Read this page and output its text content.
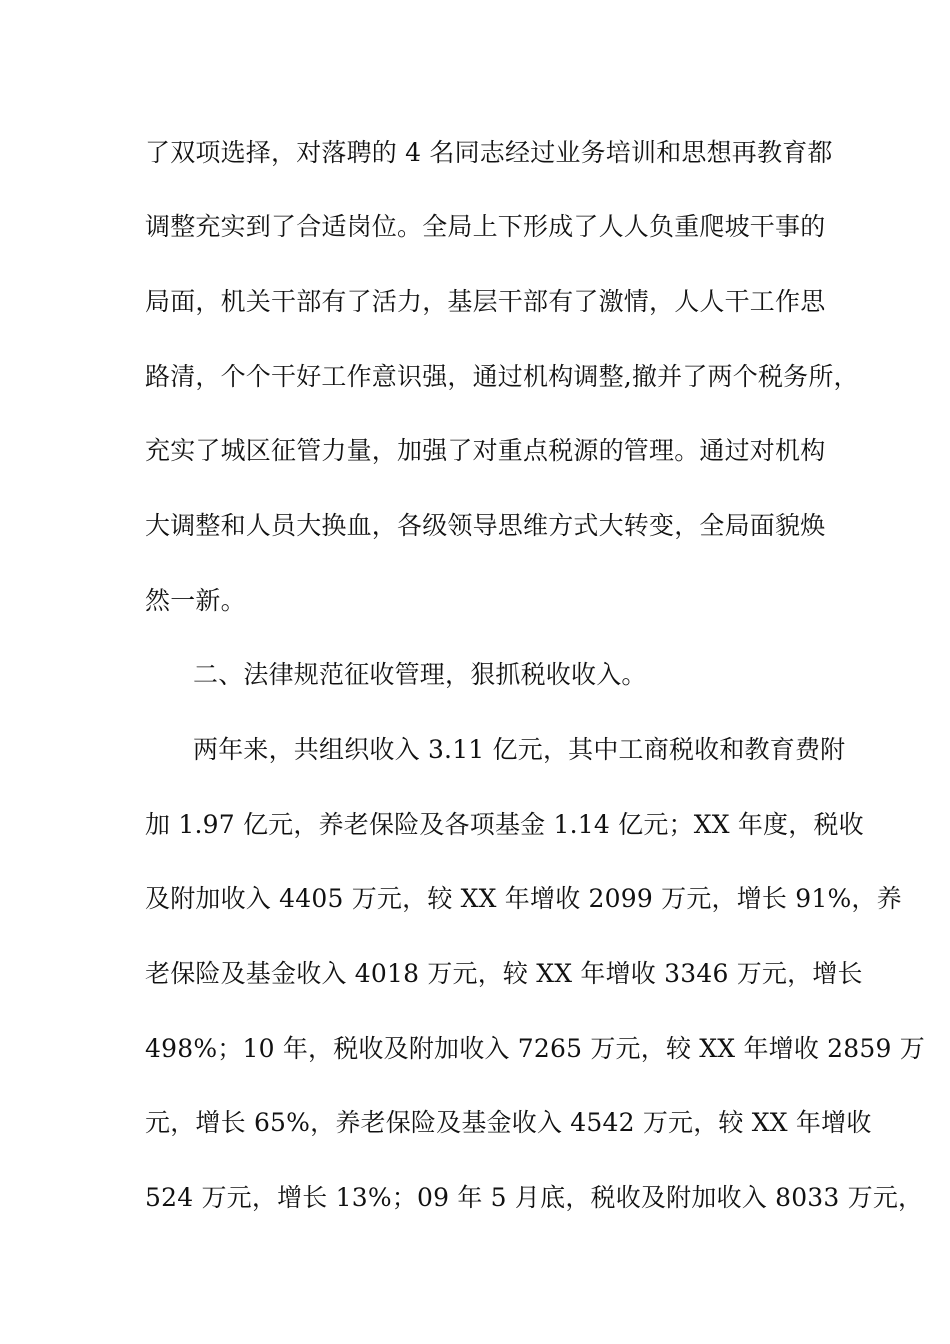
了双项选择，对落聘的 4 名同志经过业务培训和思想再教育都
调整充实到了合适岗位。全局上下形成了人人负重爬坡干事的
局面，机关干部有了活力，基层干部有了激情，人人干工作思
路清，个个干好工作意识强，通过机构调整,撤并了两个税务所，
充实了城区征管力量，加强了对重点税源的管理。通过对机构
大调整和人员大换血，各级领导思维方式大转变，全局面貌焕
然一新。
二、法律规范征收管理，狠抓税收收入。
两年来，共组织收入 3.11 亿元，其中工商税收和教育费附
加 1.97 亿元，养老保险及各项基金 1.14 亿元；XX 年度，税收
及附加收入 4405 万元，较 XX 年增收 2099 万元，增长 91%，养
老保险及基金收入 4018 万元，较 XX 年增收 3346 万元，增长
498%；10 年，税收及附加收入 7265 万元，较 XX 年增收 2859 万
元，增长 65%，养老保险及基金收入 4542 万元，较 XX 年增收
524 万元，增长 13%；09 年 5 月底，税收及附加收入 8033 万元，
